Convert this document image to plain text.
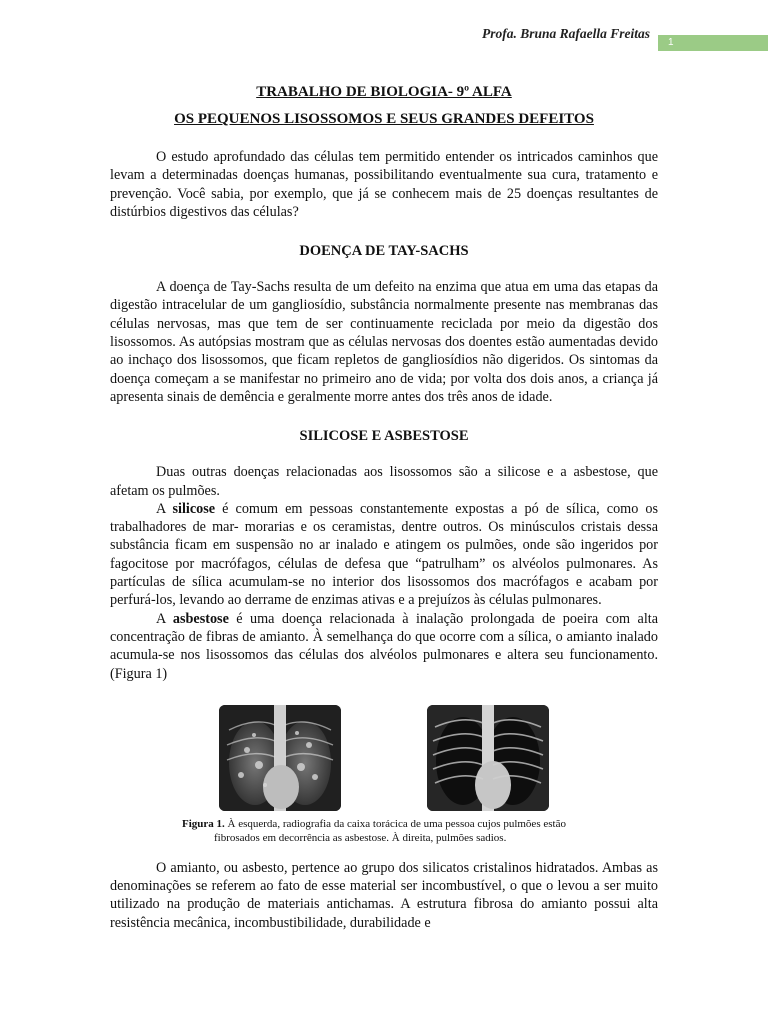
Profa. Bruna Rafaella Freitas
1
TRABALHO DE BIOLOGIA- 9º ALFA
OS PEQUENOS LISOSSOMOS E SEUS GRANDES DEFEITOS

O estudo aprofundado das células tem permitido entender os intricados caminhos que levam a determinadas doenças humanas, possibilitando eventualmente sua cura, tratamento e prevenção. Você sabia, por exemplo, que já se conhecem mais de 25 doenças resultantes de distúrbios digestivos das células?

DOENÇA DE TAY-SACHS

A doença de Tay-Sachs resulta de um defeito na enzima que atua em uma das etapas da digestão intracelular de um gangliosídio, substância normalmente presente nas membranas das células nervosas, mas que tem de ser continuamente reciclada por meio da digestão dos lisossomos. As autópsias mostram que as células nervosas dos doentes estão aumentadas devido ao inchaço dos lisossomos, que ficam repletos de gangliosídios não digeridos. Os sintomas da doença começam a se manifestar no primeiro ano de vida; por volta dos dois anos, a criança já apresenta sinais de demência e geralmente morre antes dos três anos de idade.

SILICOSE E ASBESTOSE

Duas outras doenças relacionadas aos lisossomos são a silicose e a asbestose, que afetam os pulmões.

A silicose é comum em pessoas constantemente expostas a pó de sílica, como os trabalhadores de mar- morarias e os ceramistas, dentre outros. Os minúsculos cristais dessa substância ficam em suspensão no ar inalado e atingem os pulmões, onde são ingeridos por fagocitose por macrófagos, células de defesa que “patrulham” os alvéolos pulmonares. As partículas de sílica acumulam-se no interior dos lisossomos dos macrófagos e acabam por perfurá-los, levando ao derrame de enzimas ativas e a prejuízos às células pulmonares.

A asbestose é uma doença relacionada à inalação prolongada de poeira com alta concentração de fibras de amianto. À semelhança do que ocorre com a sílica, o amianto inalado acumula-se nos lisossomos das células dos alvéolos pulmonares e altera seu funcionamento. (Figura 1)

Figura 1. À esquerda, radiografia da caixa torácica de uma pessoa cujos pulmões estão
fibrosados em decorrência as asbestose. À direita, pulmões sadios.

O amianto, ou asbesto, pertence ao grupo dos silicatos cristalinos hidratados. Ambas as denominações se referem ao fato de esse material ser incombustível, o que o levou a ser muito utilizado na produção de materiais antichamas. A estrutura fibrosa do amianto possui alta resistência mecânica, incombustibilidade, durabilidade e
